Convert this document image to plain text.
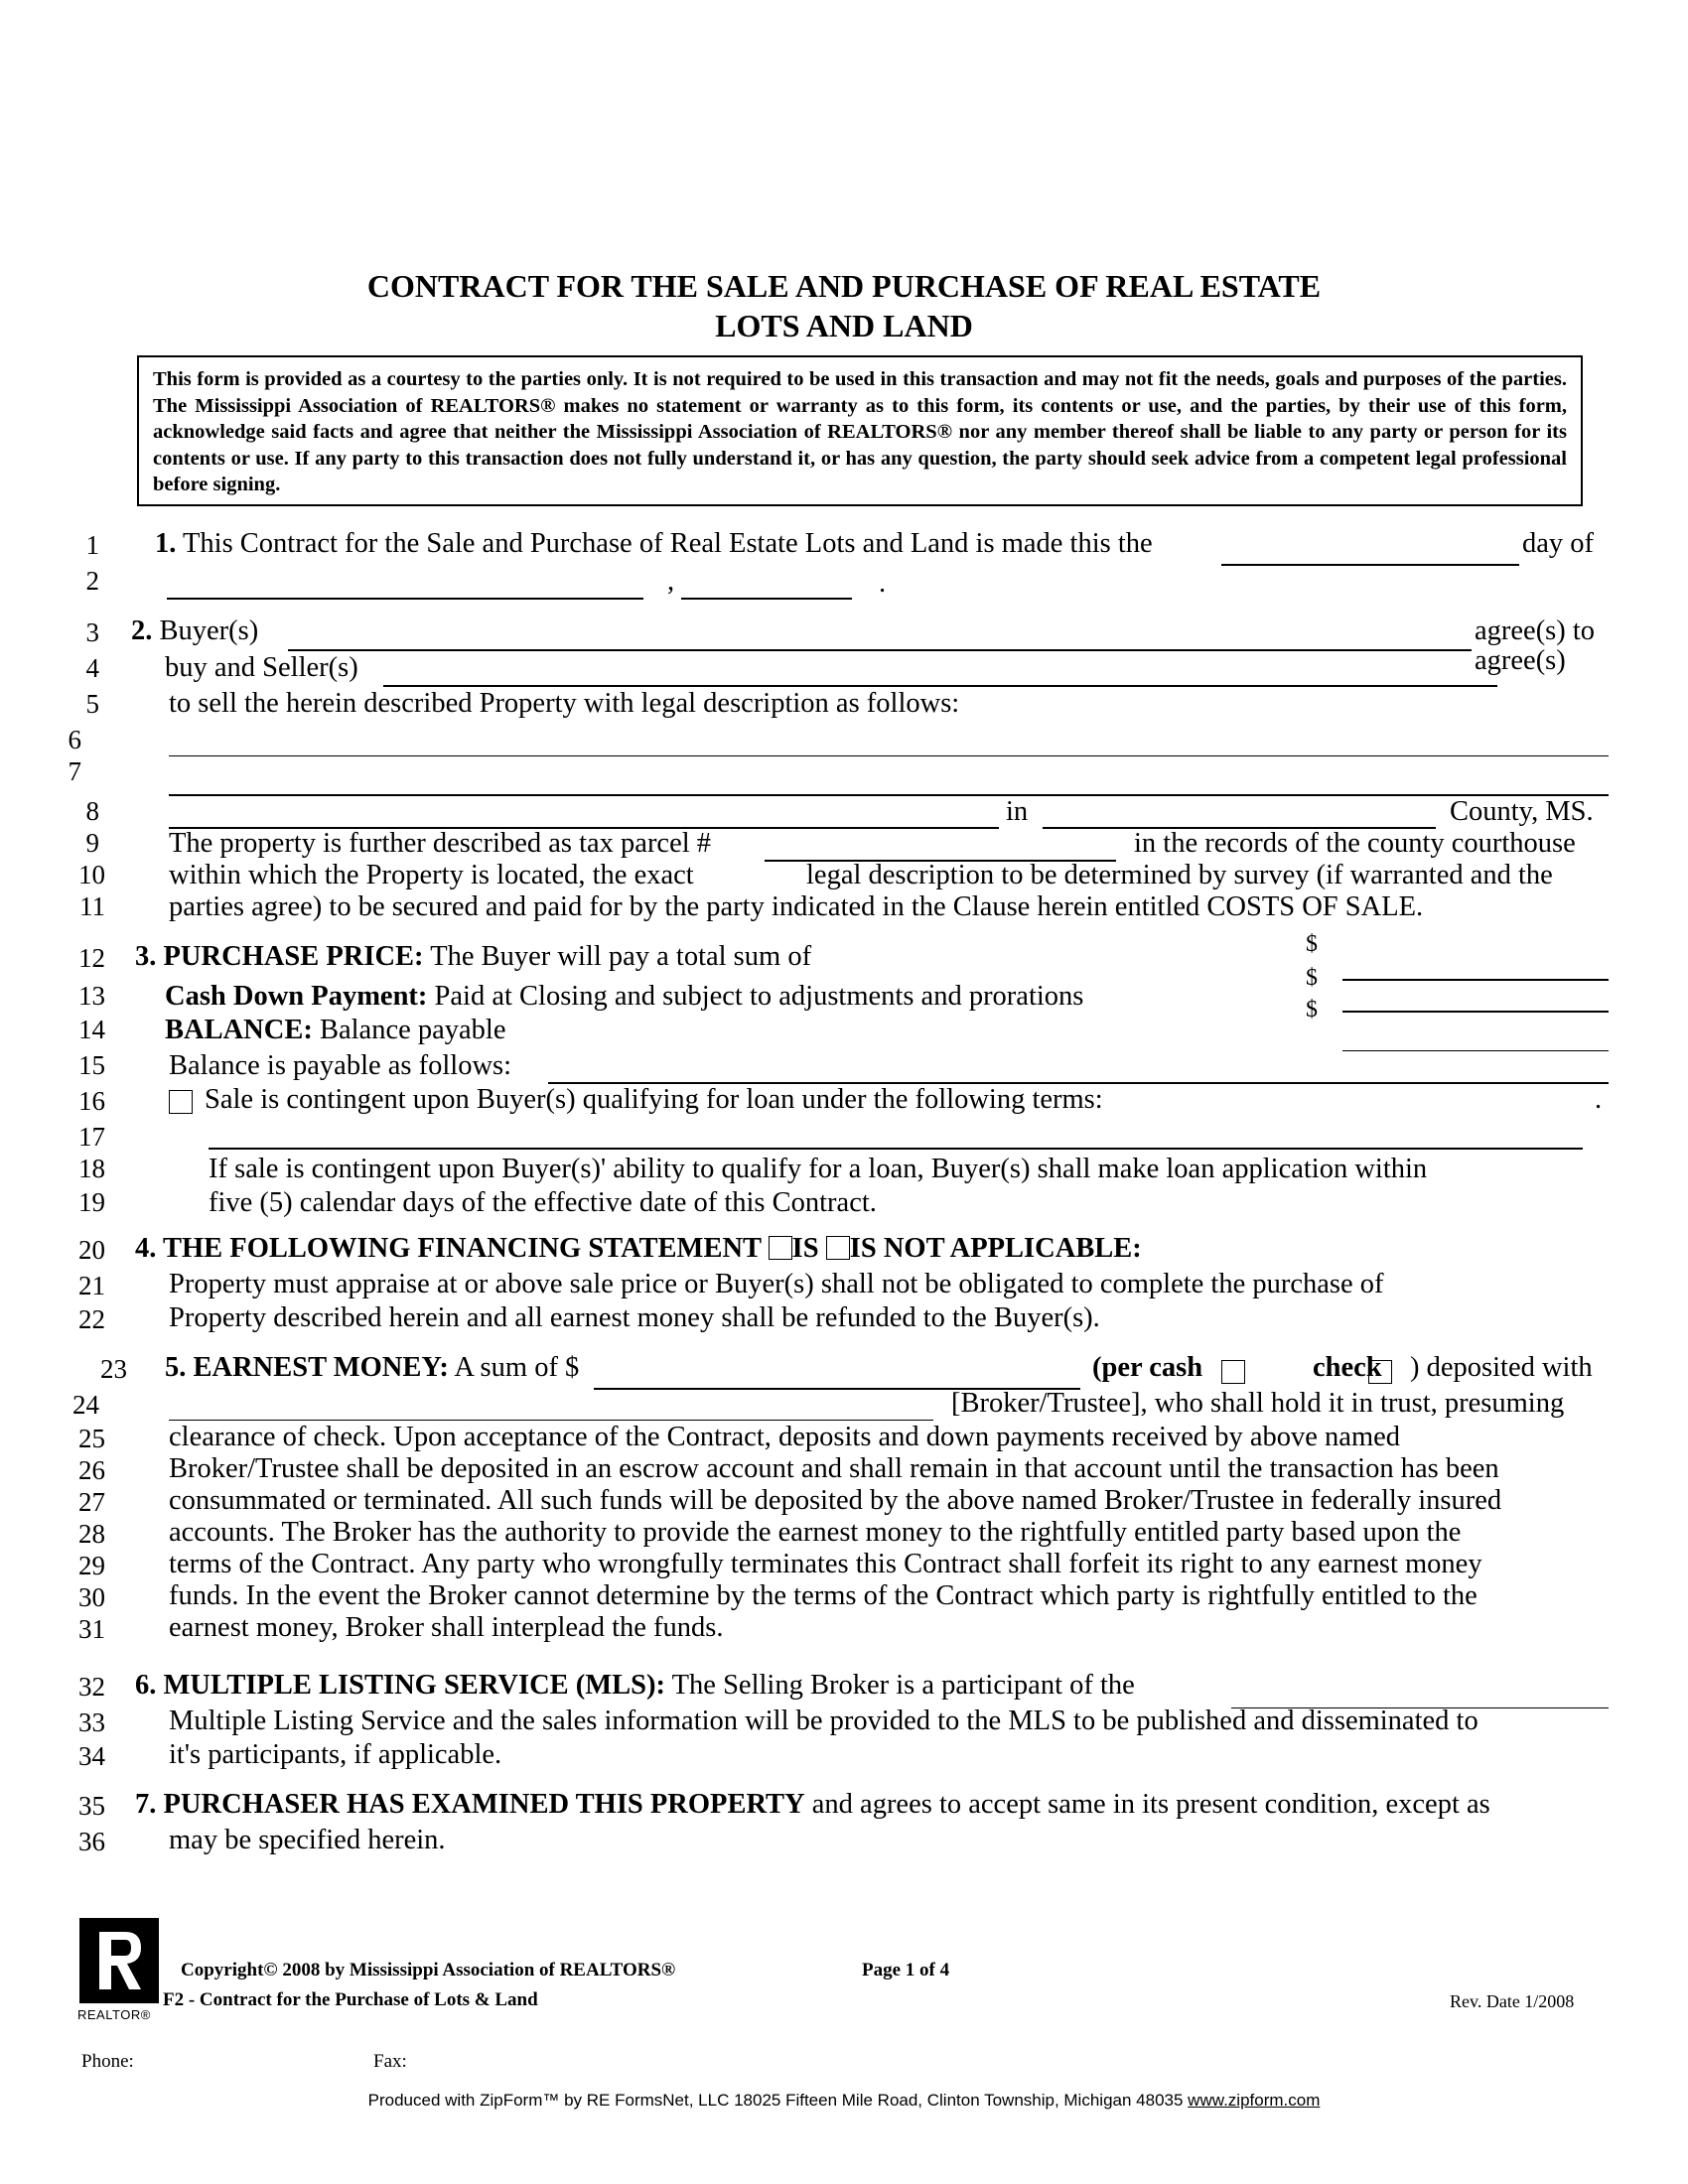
CONTRACT FOR THE SALE AND PURCHASE OF REAL ESTATE
LOTS AND LAND
This form is provided as a courtesy to the parties only. It is not required to be used in this transaction and may not fit the needs, goals and purposes of the parties. The Mississippi Association of REALTORS® makes no statement or warranty as to this form, its contents or use, and the parties, by their use of this form, acknowledge said facts and agree that neither the Mississippi Association of REALTORS® nor any member thereof shall be liable to any party or person for its contents or use. If any party to this transaction does not fully understand it, or has any question, the party should seek advice from a competent legal professional before signing.
1
2
3
4
5
6
7
8
9
10
11
12
13
14
15
16
17
18
19
20
21
22
23
24
25
26
27
28
29
30
31
32
33
34
35
36
1. This Contract for the Sale and Purchase of Real Estate Lots and Land is made this the	day of
,	.
2. Buyer(s)	agree(s) to
buy and Seller(s)	agree(s)
to sell the herein described Property with legal description as follows:
in	County, MS.
The property is further described as tax parcel #	in the records of the county courthouse
within which the Property is located, the exact	legal description to be determined by survey (if warranted and the
parties agree) to be secured and paid for by the party indicated in the Clause herein entitled COSTS OF SALE.
3. PURCHASE PRICE: The Buyer will pay a total sum of	$
Cash Down Payment: Paid at Closing and subject to adjustments and prorations
$
BALANCE: Balance payable
$
Balance is payable as follows:
Sale is contingent upon Buyer(s) qualifying for loan under the following terms:	.
If sale is contingent upon Buyer(s)' ability to qualify for a loan, Buyer(s) shall make loan application within
five (5) calendar days of the effective date of this Contract.
4. THE FOLLOWING FINANCING STATEMENT IS IS NOT APPLICABLE:
Property must appraise at or above sale price or Buyer(s) shall not be obligated to complete the purchase of
Property described herein and all earnest money shall be refunded to the Buyer(s).
5. EARNEST MONEY: A sum of $	(per cash	check ) deposited with
[Broker/Trustee], who shall hold it in trust, presuming
clearance of check. Upon acceptance of the Contract, deposits and down payments received by above named
Broker/Trustee shall be deposited in an escrow account and shall remain in that account until the transaction has been
consummated or terminated. All such funds will be deposited by the above named Broker/Trustee in federally insured
accounts. The Broker has the authority to provide the earnest money to the rightfully entitled party based upon the
terms of the Contract. Any party who wrongfully terminates this Contract shall forfeit its right to any earnest money
funds. In the event the Broker cannot determine by the terms of the Contract which party is rightfully entitled to the
earnest money, Broker shall interplead the funds.
6. MULTIPLE LISTING SERVICE (MLS): The Selling Broker is a participant of the
Multiple Listing Service and the sales information will be provided to the MLS to be published and disseminated to
it's participants, if applicable.
7. PURCHASER HAS EXAMINED THIS PROPERTY and agrees to accept same in its present condition, except as
may be specified herein.
REALTOR®
Copyright© 2008 by Mississippi Association of REALTORS®
F2 - Contract for the Purchase of Lots & Land
Page 1 of 4
Rev. Date 1/2008
Phone:	Fax:
Produced with ZipForm™ by RE FormsNet, LLC 18025 Fifteen Mile Road, Clinton Township, Michigan 48035 www.zipform.com
